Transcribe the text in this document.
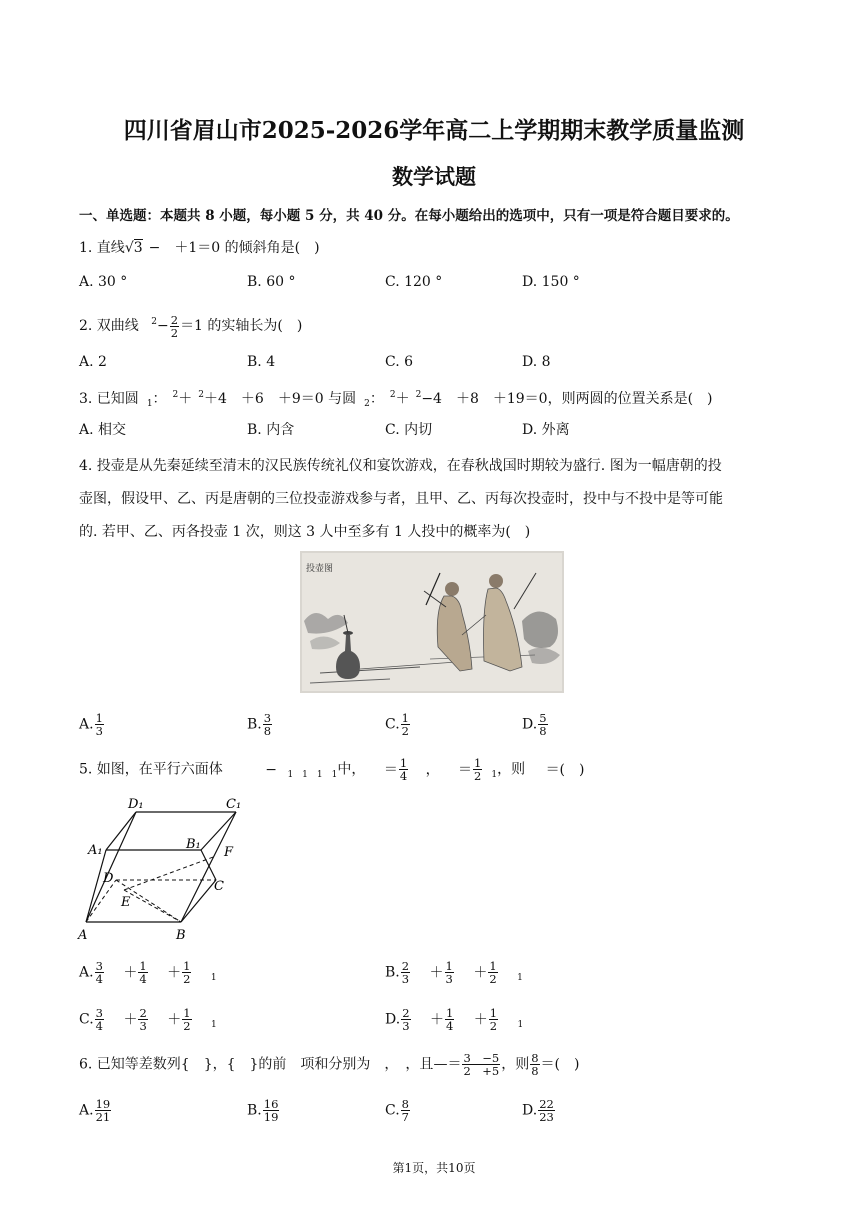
四川省眉山市2025-2026学年高二上学期期末教学质量监测
数学试题
一、单选题：本题共 8 小题，每小题 5 分，共 40 分。在每小题给出的选项中，只有一项是符合题目要求的。
1. 直线√3 −　＋1＝0 的倾斜角是(　)
A. 30 °	B. 60 °	C. 120 °	D. 150 °
2. 双曲线 $^2- \frac{2}{2} =1$ 的实轴长为(　)
A. 2	B. 4	C. 6	D. 8
3. 已知圆 $_1$： $^2$＋ $^2$＋4　＋6　＋9＝0 与圆 $_2$： $^2$＋ $^2$−4　＋8　＋19＝0，则两圆的位置关系是(　)
A. 相交	B. 内含	C. 内切	D. 外离
4. 投壶是从先秦延续至清末的汉民族传统礼仪和宴饮游戏，在春秋战国时期较为盛行. 图为一幅唐朝的投
壶图，假设甲、乙、丙是唐朝的三位投壶游戏参与者，且甲、乙、丙每次投壶时，投中与不投中是等可能
的. 若甲、乙、丙各投壶 1 次，则这 3 人中至多有 1 人投中的概率为(　)
投壶图
A. $\frac{1}{3}$	B. $\frac{3}{8}$	C. $\frac{1}{2}$	D. $\frac{5}{8}$
5. 如图，在平行六面体	− $_{1 1 1 1}$中， ＝ $\frac{1}{4}$ ， ＝ $\frac{1}{2} _1$，则 ＝(　)
D₁	C₁
A₁	B₁
F
D
C
E
A	B
A. $\frac{3}{4} + \frac{1}{4} + \frac{1}{2} _1$	B. $\frac{2}{3} + \frac{1}{3} + \frac{1}{2} _1$
C. $\frac{3}{4} + \frac{2}{3} + \frac{1}{2} _1$	D. $\frac{2}{3} + \frac{1}{4} + \frac{1}{2} _1$
6. 已知等差数列{　}，{　}的前　项和分别为　，　，且—＝ $\frac{3 -5}{2 +5}$ ，则 $\frac{8}{8}$ ＝(　)
A. $\frac{19}{21}$	B. $\frac{16}{19}$	C. $\frac{8}{7}$	D. $\frac{22}{23}$
第1页，共10页
